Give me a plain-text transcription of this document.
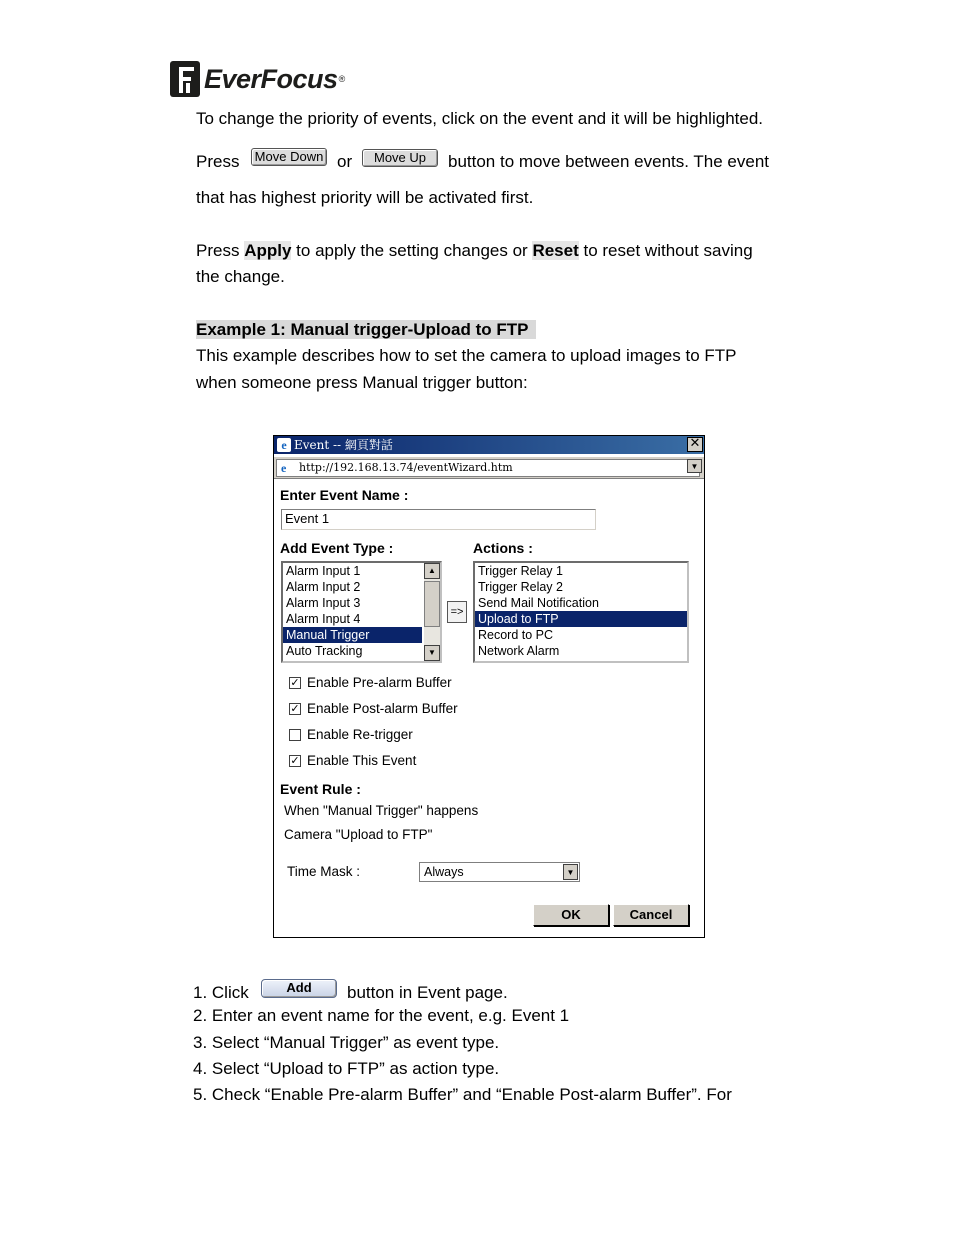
EverFocus ®
To change the priority of events, click on the event and it will be highlighted.
Press Move Down or	Move Up	button to move between events. The event
that has highest priority will be activated first.
Press Apply to apply the setting changes or Reset to reset without saving
the change.
Example 1: Manual trigger-Upload to FTP
This example describes how to set the camera to upload images to FTP
when someone press Manual trigger button:
e Event -- 網頁對話	✕
e	http://192.168.13.74/eventWizard.htm	▼
Enter Event Name :
Event 1
Add Event Type :	Actions :
Alarm Input 1
Alarm Input 2
Alarm Input 3
Alarm Input 4
Manual Trigger
Auto Tracking
▲
▼
=>
Trigger Relay 1
Trigger Relay 2
Send Mail Notification
Upload to FTP
Record to PC
Network Alarm
✓ Enable Pre-alarm Buffer
✓ Enable Post-alarm Buffer
Enable Re-trigger
✓ Enable This Event
Event Rule :
When "Manual Trigger" happens
Camera "Upload to FTP"
Time Mask :	Always	▼
OK	Cancel
1. Click	Add	button in Event page.
2. Enter an event name for the event, e.g. Event 1
3. Select “Manual Trigger” as event type.
4. Select “Upload to FTP” as action type.
5. Check “Enable Pre-alarm Buffer” and “Enable Post-alarm Buffer”. For
